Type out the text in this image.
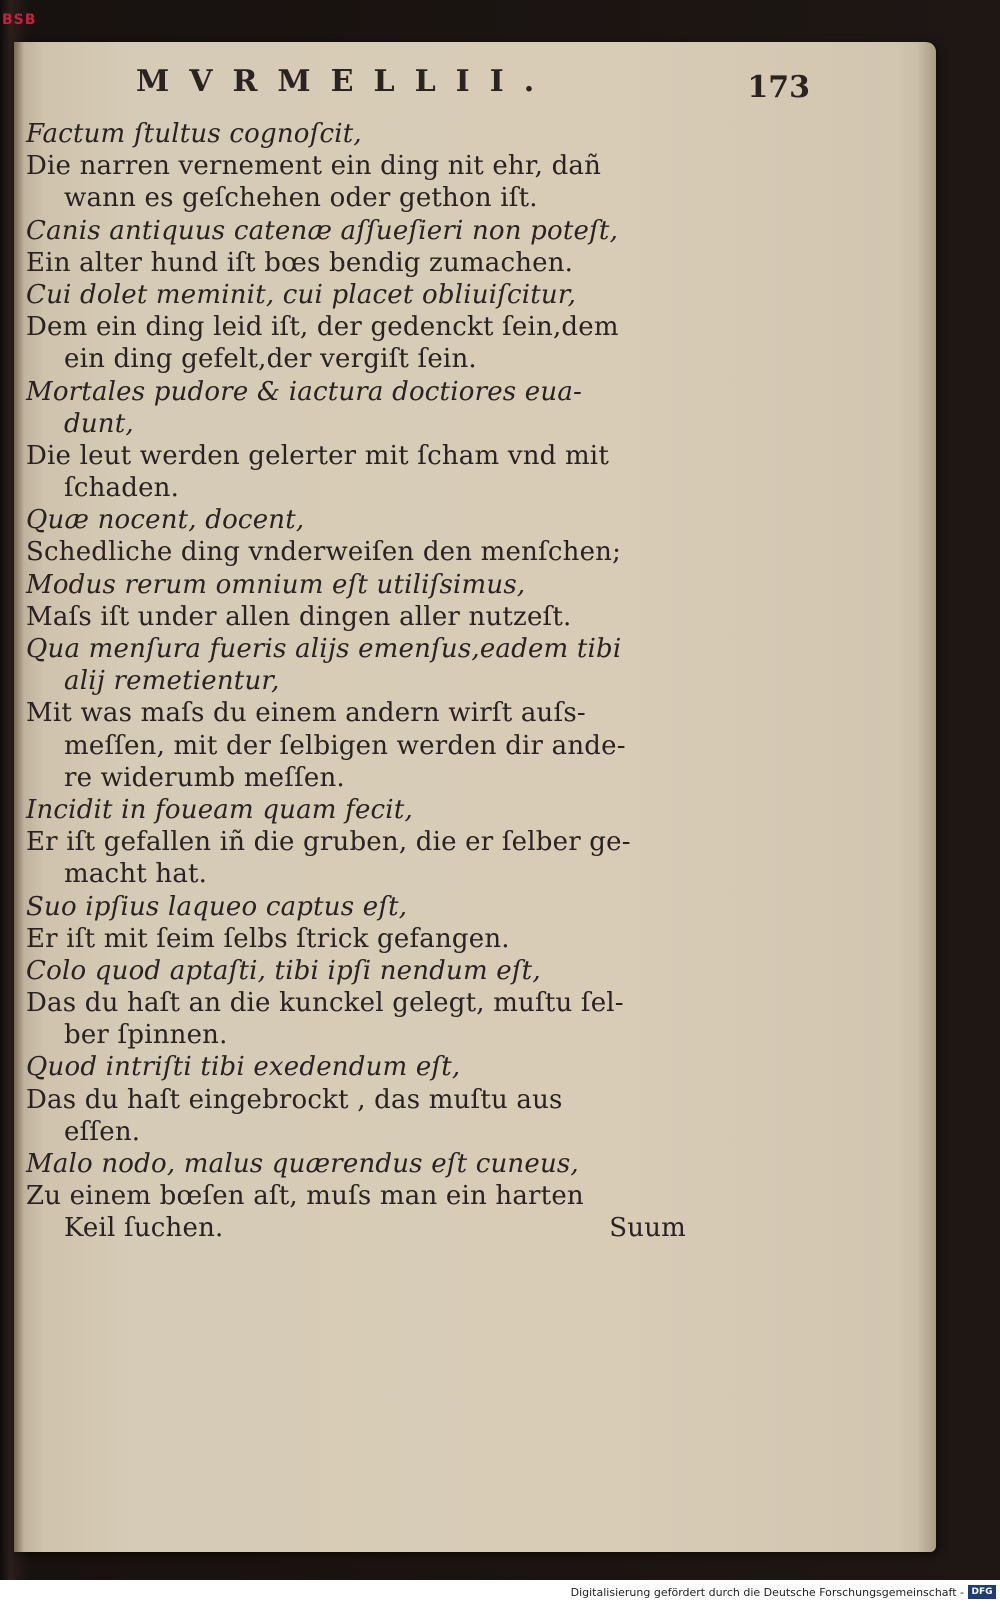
BSB
MVRMELLII.	173
Factum ſtultus cognoſcit,
Die narren vernement ein ding nit ehr, dañ
wann es geſchehen oder gethon iſt.
Canis antiquus catenæ aſſueſieri non poteſt,
Ein alter hund iſt bœs bendig zumachen.
Cui dolet meminit, cui placet obliuiſcitur,
Dem ein ding leid iſt, der gedenckt ſein,dem
ein ding gefelt,der vergiſt ſein.
Mortales pudore & iactura doctiores eua-
dunt,
Die leut werden gelerter mit ſcham vnd mit
ſchaden.
Quæ nocent, docent,
Schedliche ding vnderweiſen den menſchen;
Modus rerum omnium eſt utiliſsimus,
Maſs iſt under allen dingen aller nutzeſt.
Qua menſura fueris alijs emenſus,eadem tibi
alij remetientur,
Mit was maſs du einem andern wirſt auſs-
meſſen, mit der ſelbigen werden dir ande-
re widerumb meſſen.
Incidit in foueam quam fecit,
Er iſt gefallen iñ die gruben, die er ſelber ge-
macht hat.
Suo ipſius laqueo captus eſt,
Er iſt mit ſeim ſelbs ſtrick gefangen.
Colo quod aptaſti, tibi ipſi nendum eſt,
Das du haſt an die kunckel gelegt, muſtu ſel-
ber ſpinnen.
Quod intriſti tibi exedendum eſt,
Das du haſt eingebrockt , das muſtu aus
eſſen.
Malo nodo, malus quærendus eſt cuneus,
Zu einem bœſen aſt, muſs man ein harten
Keil ſuchen.	Suum
Digitalisierung gefördert durch die Deutsche Forschungsgemeinschaft - DFG
